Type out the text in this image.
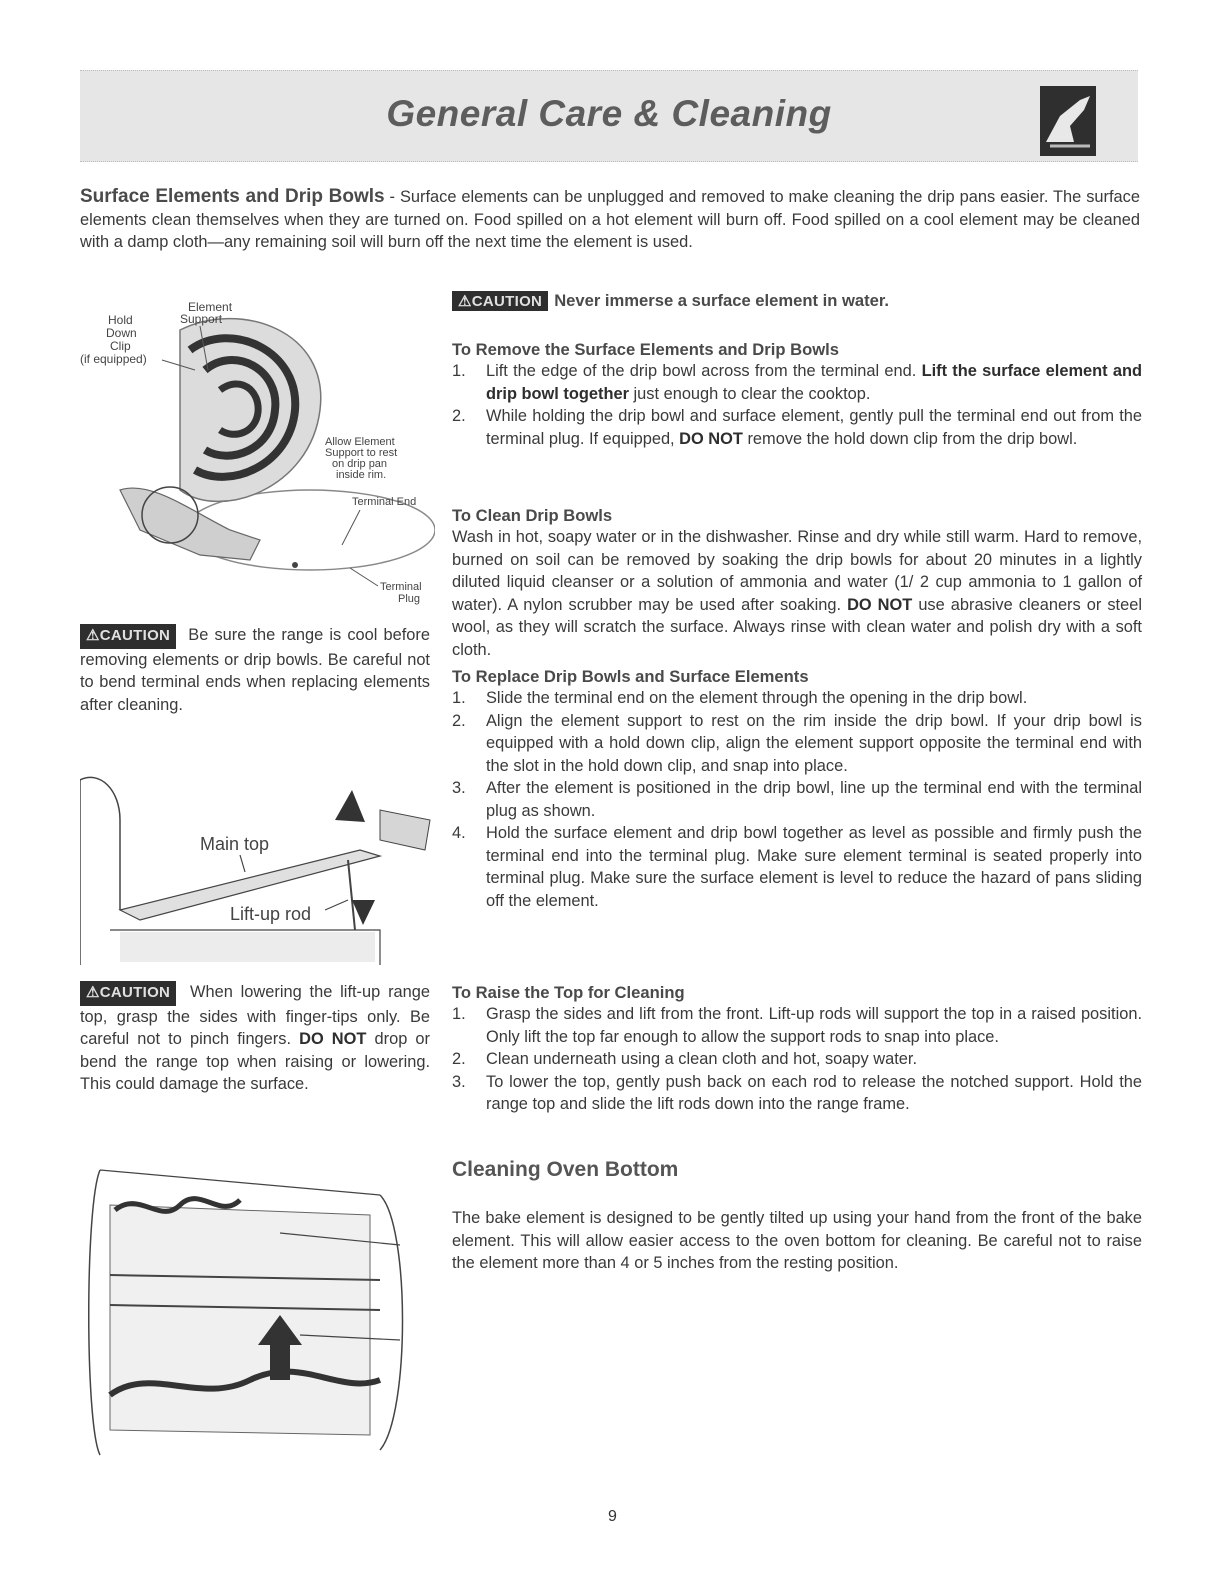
General Care & Cleaning
Surface Elements and Drip Bowls - Surface elements can be unplugged and removed to make cleaning the drip pans easier. The surface elements clean themselves when they are turned on. Food spilled on a hot element will burn off. Food spilled on a cool element may be cleaned with a damp cloth—any remaining soil will burn off the next time the element is used.
Hold
Down
Clip
(if equipped)
Element
Support
Allow Element
Support to rest
on drip pan
inside rim.
Terminal End
Terminal
Plug
⚠CAUTION Be sure the range is cool before removing elements or drip bowls. Be careful not to bend terminal ends when replacing elements after cleaning.
Main top
Lift-up rod
⚠CAUTION When lowering the lift-up range top, grasp the sides with finger-tips only. Be careful not to pinch fingers. DO NOT drop or bend the range top when raising or lowering. This could damage the surface.
⚠CAUTION Never immerse a surface element in water.
To Remove the Surface Elements and Drip Bowls
1. Lift the edge of the drip bowl across from the terminal end. Lift the surface element and drip bowl together just enough to clear the cooktop.
2. While holding the drip bowl and surface element, gently pull the terminal end out from the terminal plug. If equipped, DO NOT remove the hold down clip from the drip bowl.
To Clean Drip Bowls
Wash in hot, soapy water or in the dishwasher. Rinse and dry while still warm. Hard to remove, burned on soil can be removed by soaking the drip bowls for about 20 minutes in a lightly diluted liquid cleanser or a solution of ammonia and water (1/ 2 cup ammonia to 1 gallon of water). A nylon scrubber may be used after soaking. DO NOT use abrasive cleaners or steel wool, as they will scratch the surface. Always rinse with clean water and polish dry with a soft cloth.
To Replace Drip Bowls and Surface Elements
1. Slide the terminal end on the element through the opening in the drip bowl.
2. Align the element support to rest on the rim inside the drip bowl. If your drip bowl is equipped with a hold down clip, align the element support opposite the terminal end with the slot in the hold down clip, and snap into place.
3. After the element is positioned in the drip bowl, line up the terminal end with the terminal plug as shown.
4. Hold the surface element and drip bowl together as level as possible and firmly push the terminal end into the terminal plug. Make sure element terminal is seated properly into terminal plug. Make sure the surface element is level to reduce the hazard of pans sliding off the element.
To Raise the Top for Cleaning
1. Grasp the sides and lift from the front. Lift-up rods will support the top in a raised position. Only lift the top far enough to allow the support rods to snap into place.
2. Clean underneath using a clean cloth and hot, soapy water.
3. To lower the top, gently push back on each rod to release the notched support. Hold the range top and slide the lift rods down into the range frame.
Cleaning Oven Bottom
The bake element is designed to be gently tilted up using your hand from the front of the bake element. This will allow easier access to the oven bottom for cleaning. Be careful not to raise the element more than 4 or 5 inches from the resting position.
9
